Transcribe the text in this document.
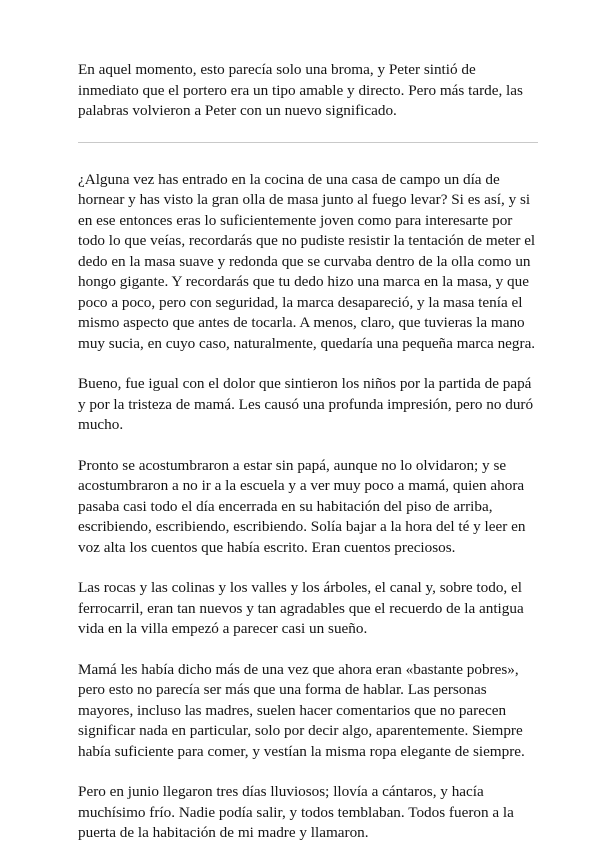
En aquel momento, esto parecía solo una broma, y Peter sintió de inmediato que el portero era un tipo amable y directo. Pero más tarde, las palabras volvieron a Peter con un nuevo significado.

¿Alguna vez has entrado en la cocina de una casa de campo un día de hornear y has visto la gran olla de masa junto al fuego levar? Si es así, y si en ese entonces eras lo suficientemente joven como para interesarte por todo lo que veías, recordarás que no pudiste resistir la tentación de meter el dedo en la masa suave y redonda que se curvaba dentro de la olla como un hongo gigante. Y recordarás que tu dedo hizo una marca en la masa, y que poco a poco, pero con seguridad, la marca desapareció, y la masa tenía el mismo aspecto que antes de tocarla. A menos, claro, que tuvieras la mano muy sucia, en cuyo caso, naturalmente, quedaría una pequeña marca negra.

Bueno, fue igual con el dolor que sintieron los niños por la partida de papá y por la tristeza de mamá. Les causó una profunda impresión, pero no duró mucho.

Pronto se acostumbraron a estar sin papá, aunque no lo olvidaron; y se acostumbraron a no ir a la escuela y a ver muy poco a mamá, quien ahora pasaba casi todo el día encerrada en su habitación del piso de arriba, escribiendo, escribiendo, escribiendo. Solía bajar a la hora del té y leer en voz alta los cuentos que había escrito. Eran cuentos preciosos.

Las rocas y las colinas y los valles y los árboles, el canal y, sobre todo, el ferrocarril, eran tan nuevos y tan agradables que el recuerdo de la antigua vida en la villa empezó a parecer casi un sueño.

Mamá les había dicho más de una vez que ahora eran «bastante pobres», pero esto no parecía ser más que una forma de hablar. Las personas mayores, incluso las madres, suelen hacer comentarios que no parecen significar nada en particular, solo por decir algo, aparentemente. Siempre había suficiente para comer, y vestían la misma ropa elegante de siempre.

Pero en junio llegaron tres días lluviosos; llovía a cántaros, y hacía muchísimo frío. Nadie podía salir, y todos temblaban. Todos fueron a la puerta de la habitación de mi madre y llamaron.
